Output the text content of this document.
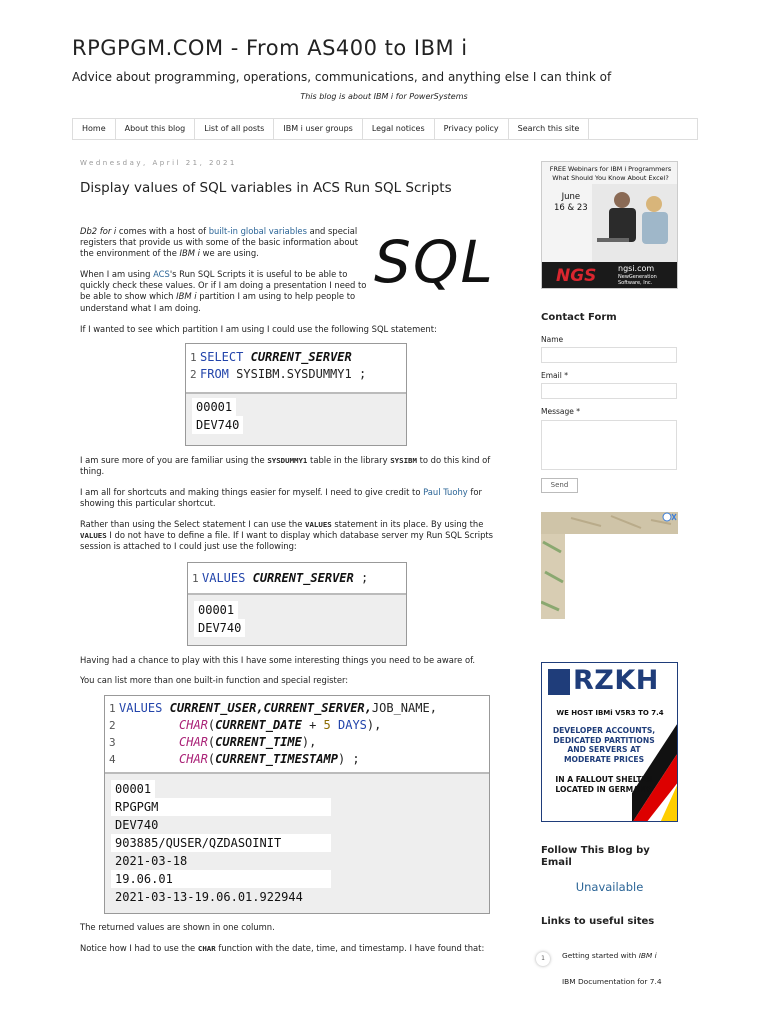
RPGPGM.COM - From AS400 to IBM i
Advice about programming, operations, communications, and anything else I can think of
This blog is about IBM i for PowerSystems
Home	About this blog	List of all posts	IBM i user groups	Legal notices	Privacy policy	Search this site
Wednesday, April 21, 2021
Display values of SQL variables in ACS Run SQL Scripts
Db2 for i comes with a host of built-in global variables and special registers that provide us with some of the basic information about the environment of the IBM i we are using.	SQL
When I am using ACS's Run SQL Scripts it is useful to be able to quickly check these values. Or if I am doing a presentation I need to be able to show which IBM i partition I am using to help people to understand what I am doing.
If I wanted to see which partition I am using I could use the following SQL statement:
1 SELECT CURRENT_SERVER
2 FROM SYSIBM.SYSDUMMY1 ;
00001
DEV740
I am sure more of you are familiar using the SYSDUMMY1 table in the library SYSIBM to do this kind of thing.
I am all for shortcuts and making things easier for myself. I need to give credit to Paul Tuohy for showing this particular shortcut.
Rather than using the Select statement I can use the VALUES statement in its place. By using the VALUES I do not have to define a file. If I want to display which database server my Run SQL Scripts session is attached to I could just use the following:
1 VALUES CURRENT_SERVER ;
00001
DEV740
Having had a chance to play with this I have some interesting things you need to be aware of.
You can list more than one built-in function and special register:
1 VALUES CURRENT_USER,CURRENT_SERVER,JOB_NAME,
2	CHAR(CURRENT_DATE + 5 DAYS),
3	CHAR(CURRENT_TIME),
4	CHAR(CURRENT_TIMESTAMP) ;
00001
RPGPGM
DEV740
903885/QUSER/QZDASOINIT
2021-03-18
19.06.01
2021-03-13-19.06.01.922944
The returned values are shown in one column.
Notice how I had to use the CHAR function with the date, time, and timestamp. I have found that:
FREE Webinars for IBM i Programmers
What Should You Know About Excel?
June
16 & 23
NGS	ngsi.com
NewGeneration
Software, Inc.
Contact Form
Name
Email *
Message *
Send
RZKH
WE HOST IBMi V5R3 TO 7.4
DEVELOPER ACCOUNTS, DEDICATED PARTITIONS AND SERVERS AT MODERATE PRICES
IN A FALLOUT SHELTER LOCATED IN GERMANY.
Follow This Blog by Email
Unavailable
Links to useful sites
1	Getting started with IBM i
IBM Documentation for 7.4
